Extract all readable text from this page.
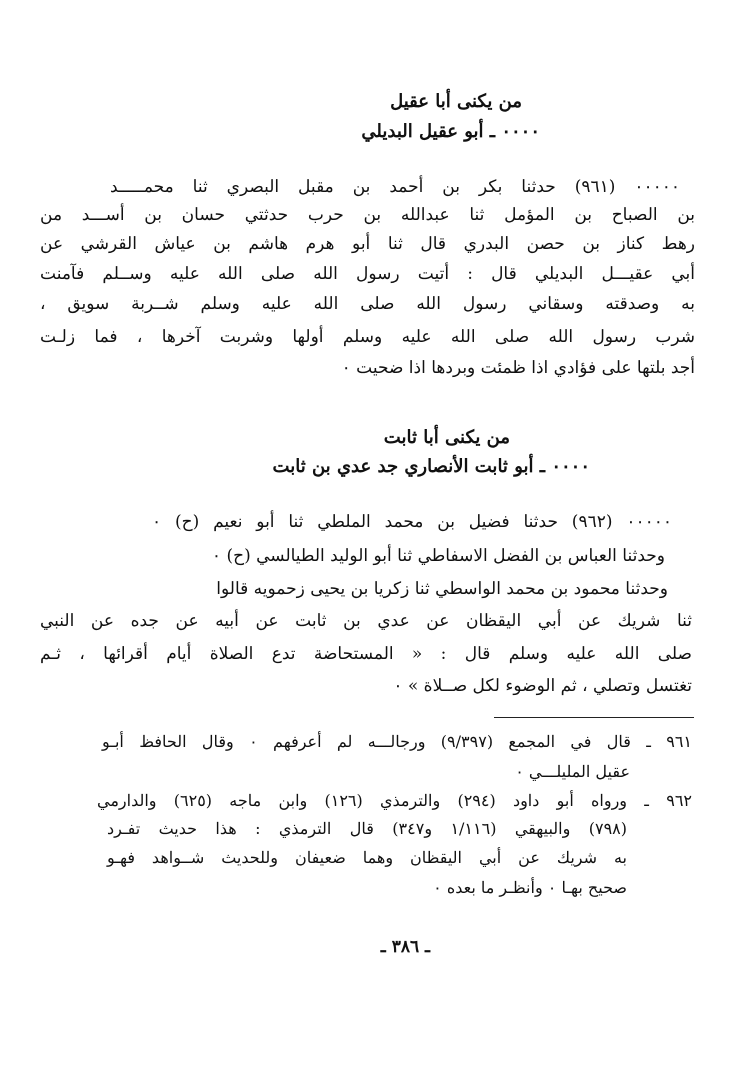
من يكنى أبا عقيل
٠٠٠٠ ـ أبو عقيل البديلي
٠٠٠٠٠ (٩٦١) حدثنا بكر بن أحمد بن مقبل البصري ثنا محمـــــد
بن الصباح بن المؤمل ثنا عبدالله بن حرب حدثتي حسان بن أســـد من
رهط كناز بن حصن البدري قال ثنا أبو هرم هاشم بن عياش القرشي عن
أبي عقيـــل البديلي قال : أتيت رسول الله صلى الله عليه وســلم فآمنت
به وصدقته وسقاني رسول الله صلى الله عليه وسلم شــربة سويق ،
شرب رسول الله صلى الله عليه وسلم أولها وشربت آخرها ، فما زلـت
أجد بلتها على فؤادي اذا ظمئت وبردها اذا ضحيت ٠
من يكنى أبا ثابت
٠٠٠٠ ـ أبو ثابت الأنصاري جد عدي بن ثابت
٠٠٠٠٠ (٩٦٢) حدثنا فضيل بن محمد الملطي ثنا أبو نعيم (ح) ٠
وحدثنا العباس بن الفضل الاسفاطي ثنا أبو الوليد الطيالسي (ح) ٠
وحدثنا محمود بن محمد الواسطي ثنا زكريا بن يحيى زحمويه قالوا
ثنا شريك عن أبي اليقظان عن عدي بن ثابت عن أبيه عن جده عن النبي
صلى الله عليه وسلم قال : « المستحاضة تدع الصلاة أيام أقرائها ، ثـم
تغتسل وتصلي ، ثم الوضوء لكل صــلاة » ٠
٩٦١ ـ قال في المجمع (٩/٣٩٧) ورجالـــه لم أعرفهم ٠ وقال الحافظ أبـو
عقيل المليلـــي ٠
٩٦٢ ـ ورواه أبو داود (٢٩٤) والترمذي (١٢٦) وابن ماجه (٦٢٥) والدارمي
(٧٩٨) والبيهقي (١/١١٦ و٣٤٧) قال الترمذي : هذا حديث تفـرد
به شريك عن أبي اليقظان وهما ضعيفان وللحديث شــواهد فهـو
صحيح بهـا ٠ وأنظـر ما بعده ٠
ـ ٣٨٦ ـ
